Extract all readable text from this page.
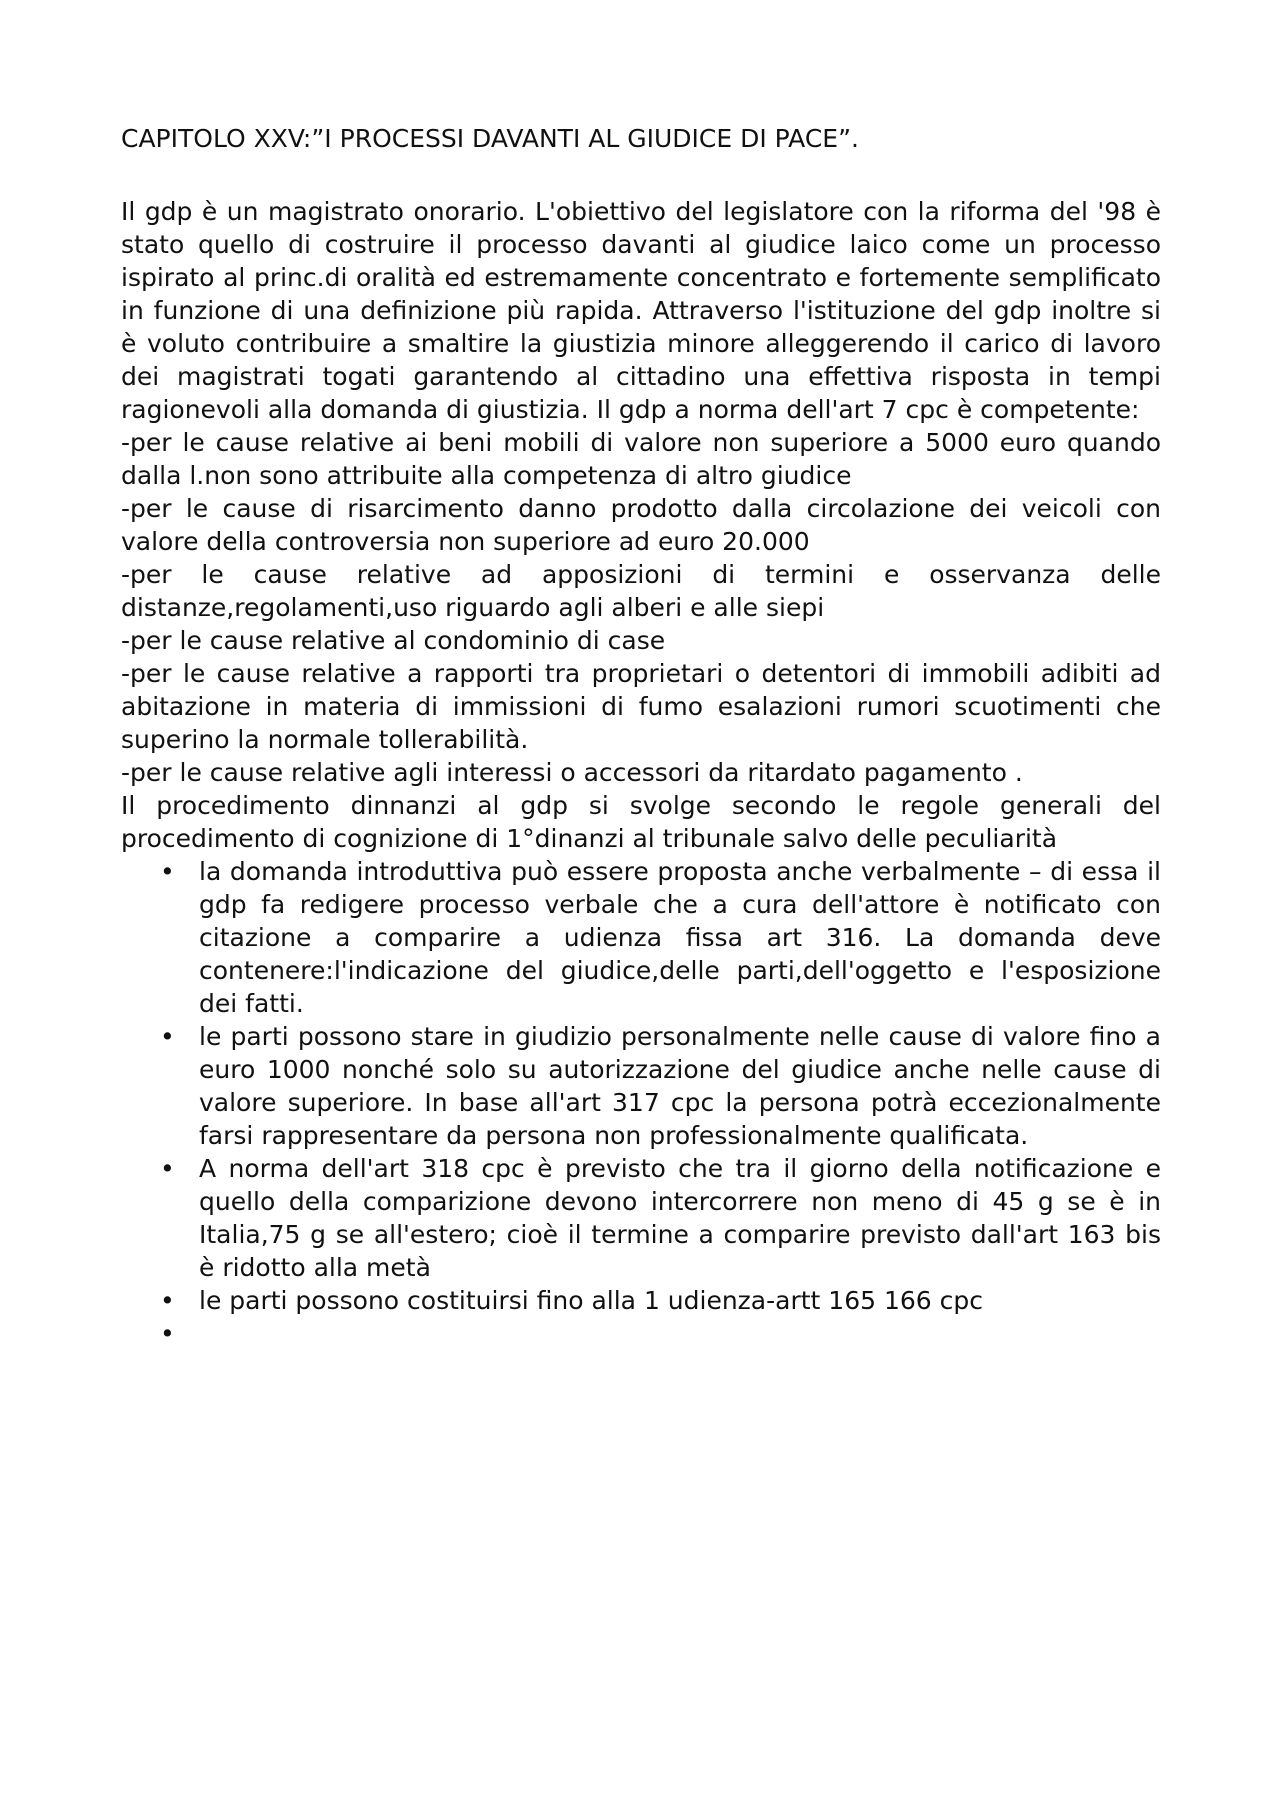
CAPITOLO XXV:”I PROCESSI DAVANTI AL GIUDICE DI PACE”.

Il gdp è un magistrato onorario. L'obiettivo del legislatore con la riforma del '98 è stato quello di costruire il processo davanti al giudice laico come un processo ispirato al princ.di oralità ed estremamente concentrato e fortemente semplificato in funzione di una definizione più rapida. Attraverso l'istituzione del gdp inoltre si è voluto contribuire a smaltire la giustizia minore alleggerendo il carico di lavoro dei magistrati togati garantendo al cittadino una effettiva risposta in tempi ragionevoli alla domanda di giustizia. Il gdp a norma dell'art 7 cpc è competente:

-per le cause relative ai beni mobili di valore non superiore a 5000 euro quando dalla l.non sono attribuite alla competenza di altro giudice

-per le cause di risarcimento danno prodotto dalla circolazione dei veicoli con valore della controversia non superiore ad euro 20.000

-per le cause relative ad apposizioni di termini e osservanza delle distanze,regolamenti,uso riguardo agli alberi e alle siepi

-per le cause relative al condominio di case

-per le cause relative a rapporti tra proprietari o detentori di immobili adibiti ad abitazione in materia di immissioni di fumo esalazioni rumori scuotimenti che superino la normale tollerabilità.

-per le cause relative agli interessi o accessori da ritardato pagamento .

Il procedimento dinnanzi al gdp si svolge secondo le regole generali del procedimento di cognizione di 1°dinanzi al tribunale salvo delle peculiarità

• la domanda introduttiva può essere proposta anche verbalmente – di essa il gdp fa redigere processo verbale che a cura dell'attore è notificato con citazione a comparire a udienza fissa art 316. La domanda deve contenere:l'indicazione del giudice,delle parti,dell'oggetto e l'esposizione dei fatti.
• le parti possono stare in giudizio personalmente nelle cause di valore fino a euro 1000 nonché solo su autorizzazione del giudice anche nelle cause di valore superiore. In base all'art 317 cpc la persona potrà eccezionalmente farsi rappresentare da persona non professionalmente qualificata.
• A norma dell'art 318 cpc è previsto che tra il giorno della notificazione e quello della comparizione devono intercorrere non meno di 45 g se è in Italia,75 g se all'estero; cioè il termine a comparire previsto dall'art 163 bis è ridotto alla metà
• le parti possono costituirsi fino alla 1 udienza-artt 165 166 cpc
•
